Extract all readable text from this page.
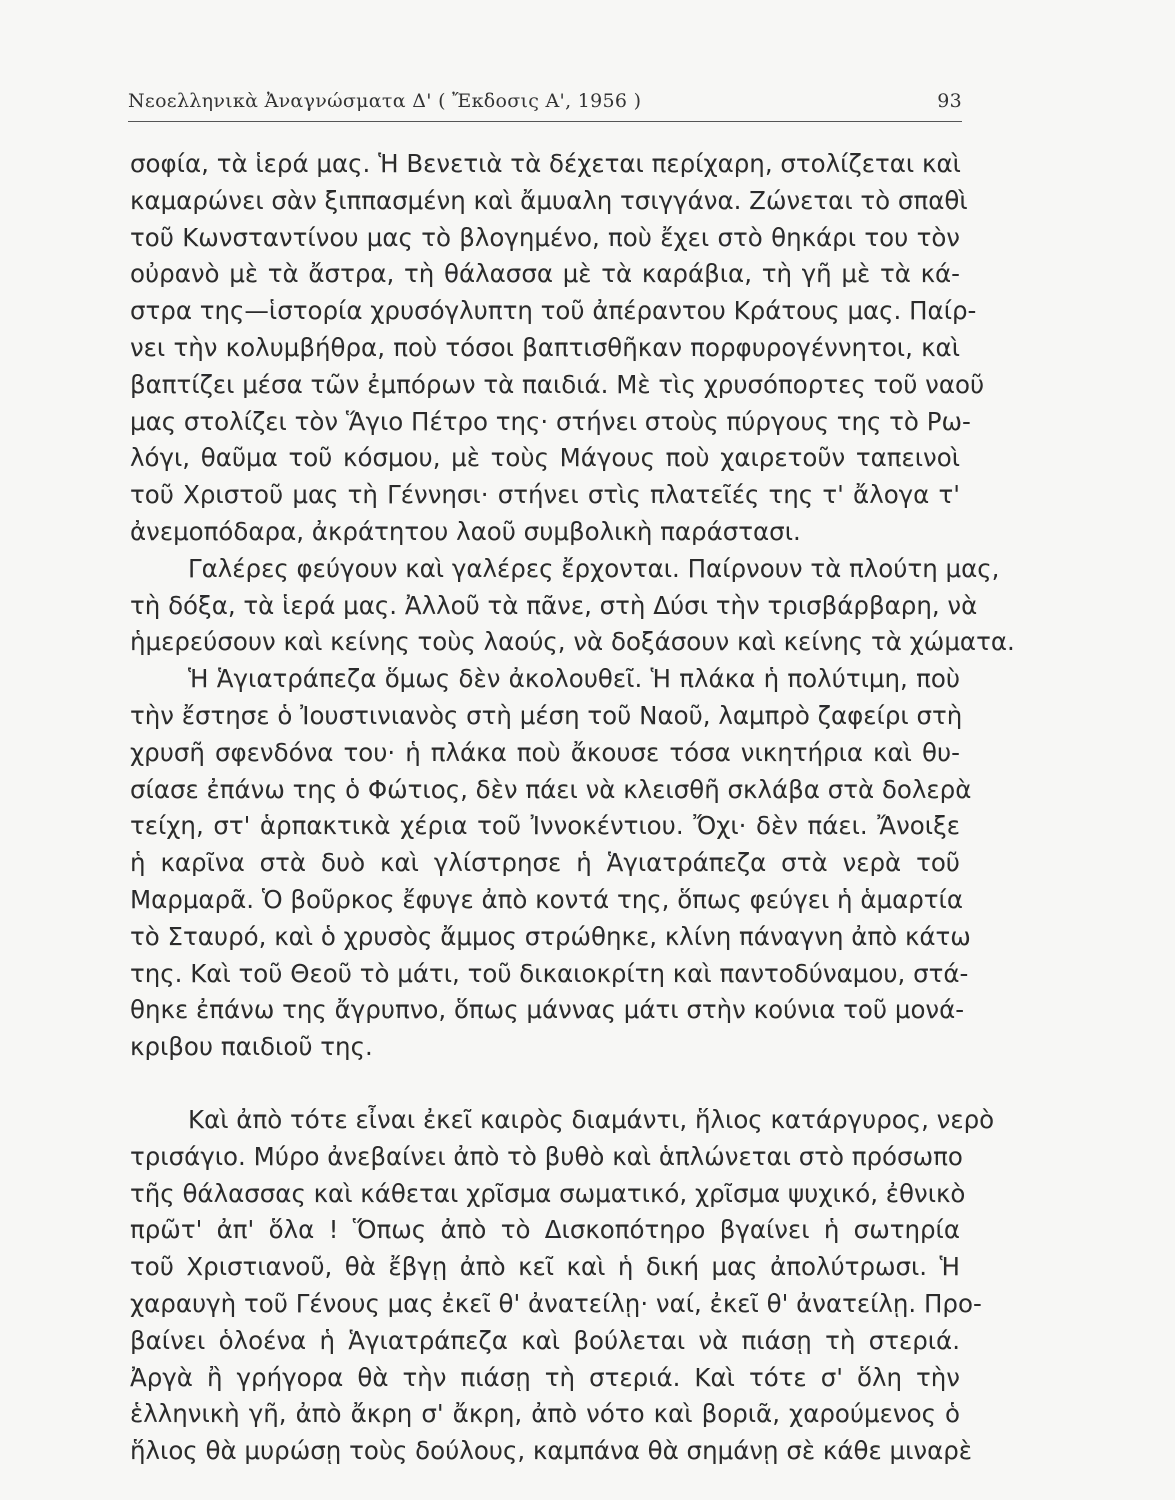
Νεοελληνικὰ Ἀναγνώσματα Δ' ( Ἔκδοσις Α', 1956 )	93
σοφία, τὰ ἱερά μας. Ἡ Βενετιὰ τὰ δέχεται περίχαρη, στολίζεται καὶ
καμαρώνει σὰν ξιππασμένη καὶ ἄμυαλη τσιγγάνα. Ζώνεται τὸ σπαθὶ
τοῦ Κωνσταντίνου μας τὸ βλογημένο, ποὺ ἔχει στὸ θηκάρι του τὸν
οὐρανὸ μὲ τὰ ἄστρα, τὴ θάλασσα μὲ τὰ καράβια, τὴ γῆ μὲ τὰ κά-
στρα της—ἱστορία χρυσόγλυπτη τοῦ ἀπέραντου Κράτους μας. Παίρ-
νει τὴν κολυμβήθρα, ποὺ τόσοι βαπτισθῆκαν πορφυρογέννητοι, καὶ
βαπτίζει μέσα τῶν ἐμπόρων τὰ παιδιά. Μὲ τὶς χρυσόπορτες τοῦ ναοῦ
μας στολίζει τὸν Ἅγιο Πέτρο της· στήνει στοὺς πύργους της τὸ Ρω-
λόγι, θαῦμα τοῦ κόσμου, μὲ τοὺς Μάγους ποὺ χαιρετοῦν ταπεινοὶ
τοῦ Χριστοῦ μας τὴ Γέννησι· στήνει στὶς πλατεῖές της τ' ἄλογα τ'
ἀνεμοπόδαρα, ἀκράτητου λαοῦ συμβολικὴ παράστασι.
Γαλέρες φεύγουν καὶ γαλέρες ἔρχονται. Παίρνουν τὰ πλούτη μας,
τὴ δόξα, τὰ ἱερά μας. Ἀλλοῦ τὰ πᾶνε, στὴ Δύσι τὴν τρισβάρβαρη, νὰ
ἡμερεύσουν καὶ κείνης τοὺς λαούς, νὰ δοξάσουν καὶ κείνης τὰ χώματα.
Ἡ Ἁγιατράπεζα ὅμως δὲν ἀκολουθεῖ. Ἡ πλάκα ἡ πολύτιμη, ποὺ
τὴν ἔστησε ὁ Ἰουστινιανὸς στὴ μέση τοῦ Ναοῦ, λαμπρὸ ζαφείρι στὴ
χρυσῆ σφενδόνα του· ἡ πλάκα ποὺ ἄκουσε τόσα νικητήρια καὶ θυ-
σίασε ἐπάνω της ὁ Φώτιος, δὲν πάει νὰ κλεισθῆ σκλάβα στὰ δολερὰ
τείχη, στ' ἁρπακτικὰ χέρια τοῦ Ἰννοκέντιου. Ὄχι· δὲν πάει. Ἄνοιξε
ἡ καρῖνα στὰ δυὸ καὶ γλίστρησε ἡ Ἁγιατράπεζα στὰ νερὰ τοῦ
Μαρμαρᾶ. Ὁ βοῦρκος ἔφυγε ἀπὸ κοντά της, ὅπως φεύγει ἡ ἁμαρτία
τὸ Σταυρό, καὶ ὁ χρυσὸς ἄμμος στρώθηκε, κλίνη πάναγνη ἀπὸ κάτω
της. Καὶ τοῦ Θεοῦ τὸ μάτι, τοῦ δικαιοκρίτη καὶ παντοδύναμου, στά-
θηκε ἐπάνω της ἄγρυπνο, ὅπως μάννας μάτι στὴν κούνια τοῦ μονά-
κριβου παιδιοῦ της.
Καὶ ἀπὸ τότε εἶναι ἐκεῖ καιρὸς διαμάντι, ἥλιος κατάργυρος, νερὸ
τρισάγιο. Μύρο ἀνεβαίνει ἀπὸ τὸ βυθὸ καὶ ἁπλώνεται στὸ πρόσωπο
τῆς θάλασσας καὶ κάθεται χρῖσμα σωματικό, χρῖσμα ψυχικό, ἐθνικὸ
πρῶτ' ἀπ' ὅλα ! Ὅπως ἀπὸ τὸ Δισκοπότηρο βγαίνει ἡ σωτηρία
τοῦ Χριστιανοῦ, θὰ ἔβγῃ ἀπὸ κεῖ καὶ ἡ δική μας ἀπολύτρωσι. Ἡ
χαραυγὴ τοῦ Γένους μας ἐκεῖ θ' ἀνατείλῃ· ναί, ἐκεῖ θ' ἀνατείλῃ. Προ-
βαίνει ὁλοένα ἡ Ἁγιατράπεζα καὶ βούλεται νὰ πιάσῃ τὴ στεριά.
Ἀργὰ ἢ γρήγορα θὰ τὴν πιάσῃ τὴ στεριά. Καὶ τότε σ' ὅλη τὴν
ἑλληνικὴ γῆ, ἀπὸ ἄκρη σ' ἄκρη, ἀπὸ νότο καὶ βοριᾶ, χαρούμενος ὁ
ἥλιος θὰ μυρώσῃ τοὺς δούλους, καμπάνα θὰ σημάνῃ σὲ κάθε μιναρὲ
